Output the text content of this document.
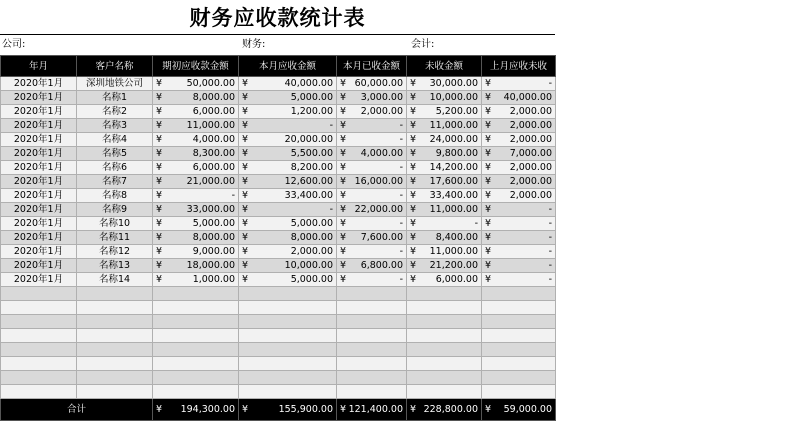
财务应收款统计表
公司:	财务:	会计:
年月	客户名称	期初应收款金额	本月应收金额	本月已收金额	未收金额	上月应收未收
2020年1月	深圳地铁公司	¥ 50,000.00	¥ 40,000.00	¥ 60,000.00	¥ 30,000.00	¥ -

2020年1月	名称1	¥ 8,000.00	¥ 5,000.00	¥ 3,000.00	¥ 10,000.00	¥ 40,000.00

2020年1月	名称2	¥ 6,000.00	¥ 1,200.00	¥ 2,000.00	¥ 5,200.00	¥ 2,000.00

2020年1月	名称3	¥ 11,000.00	¥ -	¥ -	¥ 11,000.00	¥ 2,000.00

2020年1月	名称4	¥ 4,000.00	¥ 20,000.00	¥ -	¥ 24,000.00	¥ 2,000.00

2020年1月	名称5	¥ 8,300.00	¥ 5,500.00	¥ 4,000.00	¥ 9,800.00	¥ 7,000.00

2020年1月	名称6	¥ 6,000.00	¥ 8,200.00	¥ -	¥ 14,200.00	¥ 2,000.00

2020年1月	名称7	¥ 21,000.00	¥ 12,600.00	¥ 16,000.00	¥ 17,600.00	¥ 2,000.00

2020年1月	名称8	¥ -	¥ 33,400.00	¥ -	¥ 33,400.00	¥ 2,000.00

2020年1月	名称9	¥ 33,000.00	¥ -	¥ 22,000.00	¥ 11,000.00	¥ -

2020年1月	名称10	¥ 5,000.00	¥ 5,000.00	¥ -	¥ -	¥ -

2020年1月	名称11	¥ 8,000.00	¥ 8,000.00	¥ 7,600.00	¥ 8,400.00	¥ -

2020年1月	名称12	¥ 9,000.00	¥ 2,000.00	¥ -	¥ 11,000.00	¥ -

2020年1月	名称13	¥ 18,000.00	¥ 10,000.00	¥ 6,800.00	¥ 21,200.00	¥ -

2020年1月	名称14	¥ 1,000.00	¥ 5,000.00	¥ -	¥ 6,000.00	¥ -

合计		¥ 194,300.00	¥ 155,900.00	¥ 121,400.00	¥ 228,800.00	¥ 59,000.00
